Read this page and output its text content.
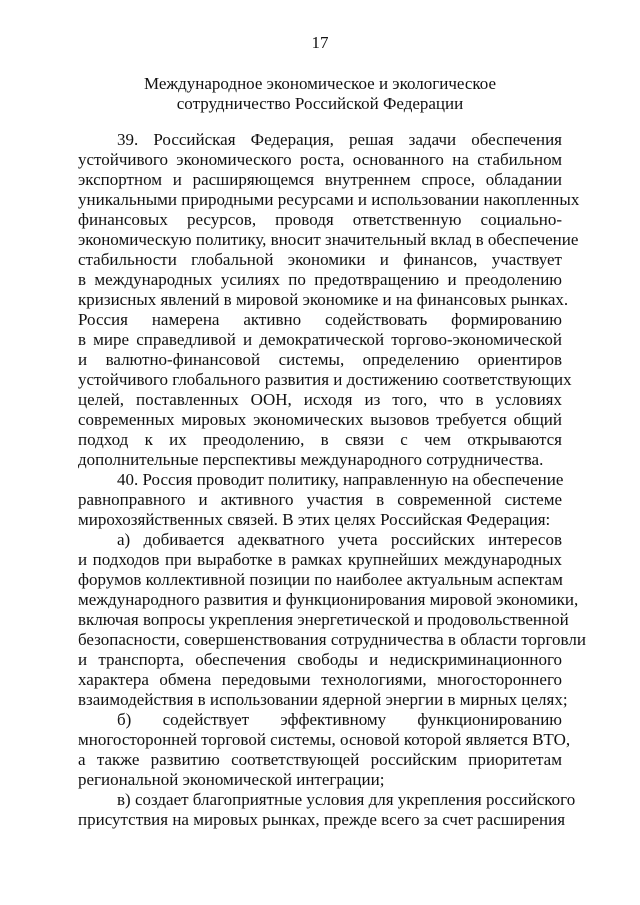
17
Международное экономическое и экологическое
сотрудничество Российской Федерации
39. Российская Федерация, решая задачи обеспечения
устойчивого экономического роста, основанного на стабильном
экспортном и расширяющемся внутреннем спросе, обладании
уникальными природными ресурсами и использовании накопленных
финансовых ресурсов, проводя ответственную социально-
экономическую политику, вносит значительный вклад в обеспечение
стабильности глобальной экономики и финансов, участвует
в международных усилиях по предотвращению и преодолению
кризисных явлений в мировой экономике и на финансовых рынках.
Россия намерена активно содействовать формированию
в мире справедливой и демократической торгово-экономической
и валютно-финансовой системы, определению ориентиров
устойчивого глобального развития и достижению соответствующих
целей, поставленных ООН, исходя из того, что в условиях
современных мировых экономических вызовов требуется общий
подход к их преодолению, в связи с чем открываются
дополнительные перспективы международного сотрудничества.
40. Россия проводит политику, направленную на обеспечение
равноправного и активного участия в современной системе
мирохозяйственных связей. В этих целях Российская Федерация:
а) добивается адекватного учета российских интересов
и подходов при выработке в рамках крупнейших международных
форумов коллективной позиции по наиболее актуальным аспектам
международного развития и функционирования мировой экономики,
включая вопросы укрепления энергетической и продовольственной
безопасности, совершенствования сотрудничества в области торговли
и транспорта, обеспечения свободы и недискриминационного
характера обмена передовыми технологиями, многостороннего
взаимодействия в использовании ядерной энергии в мирных целях;
б) содействует эффективному функционированию
многосторонней торговой системы, основой которой является ВТО,
а также развитию соответствующей российским приоритетам
региональной экономической интеграции;
в) создает благоприятные условия для укрепления российского
присутствия на мировых рынках, прежде всего за счет расширения
